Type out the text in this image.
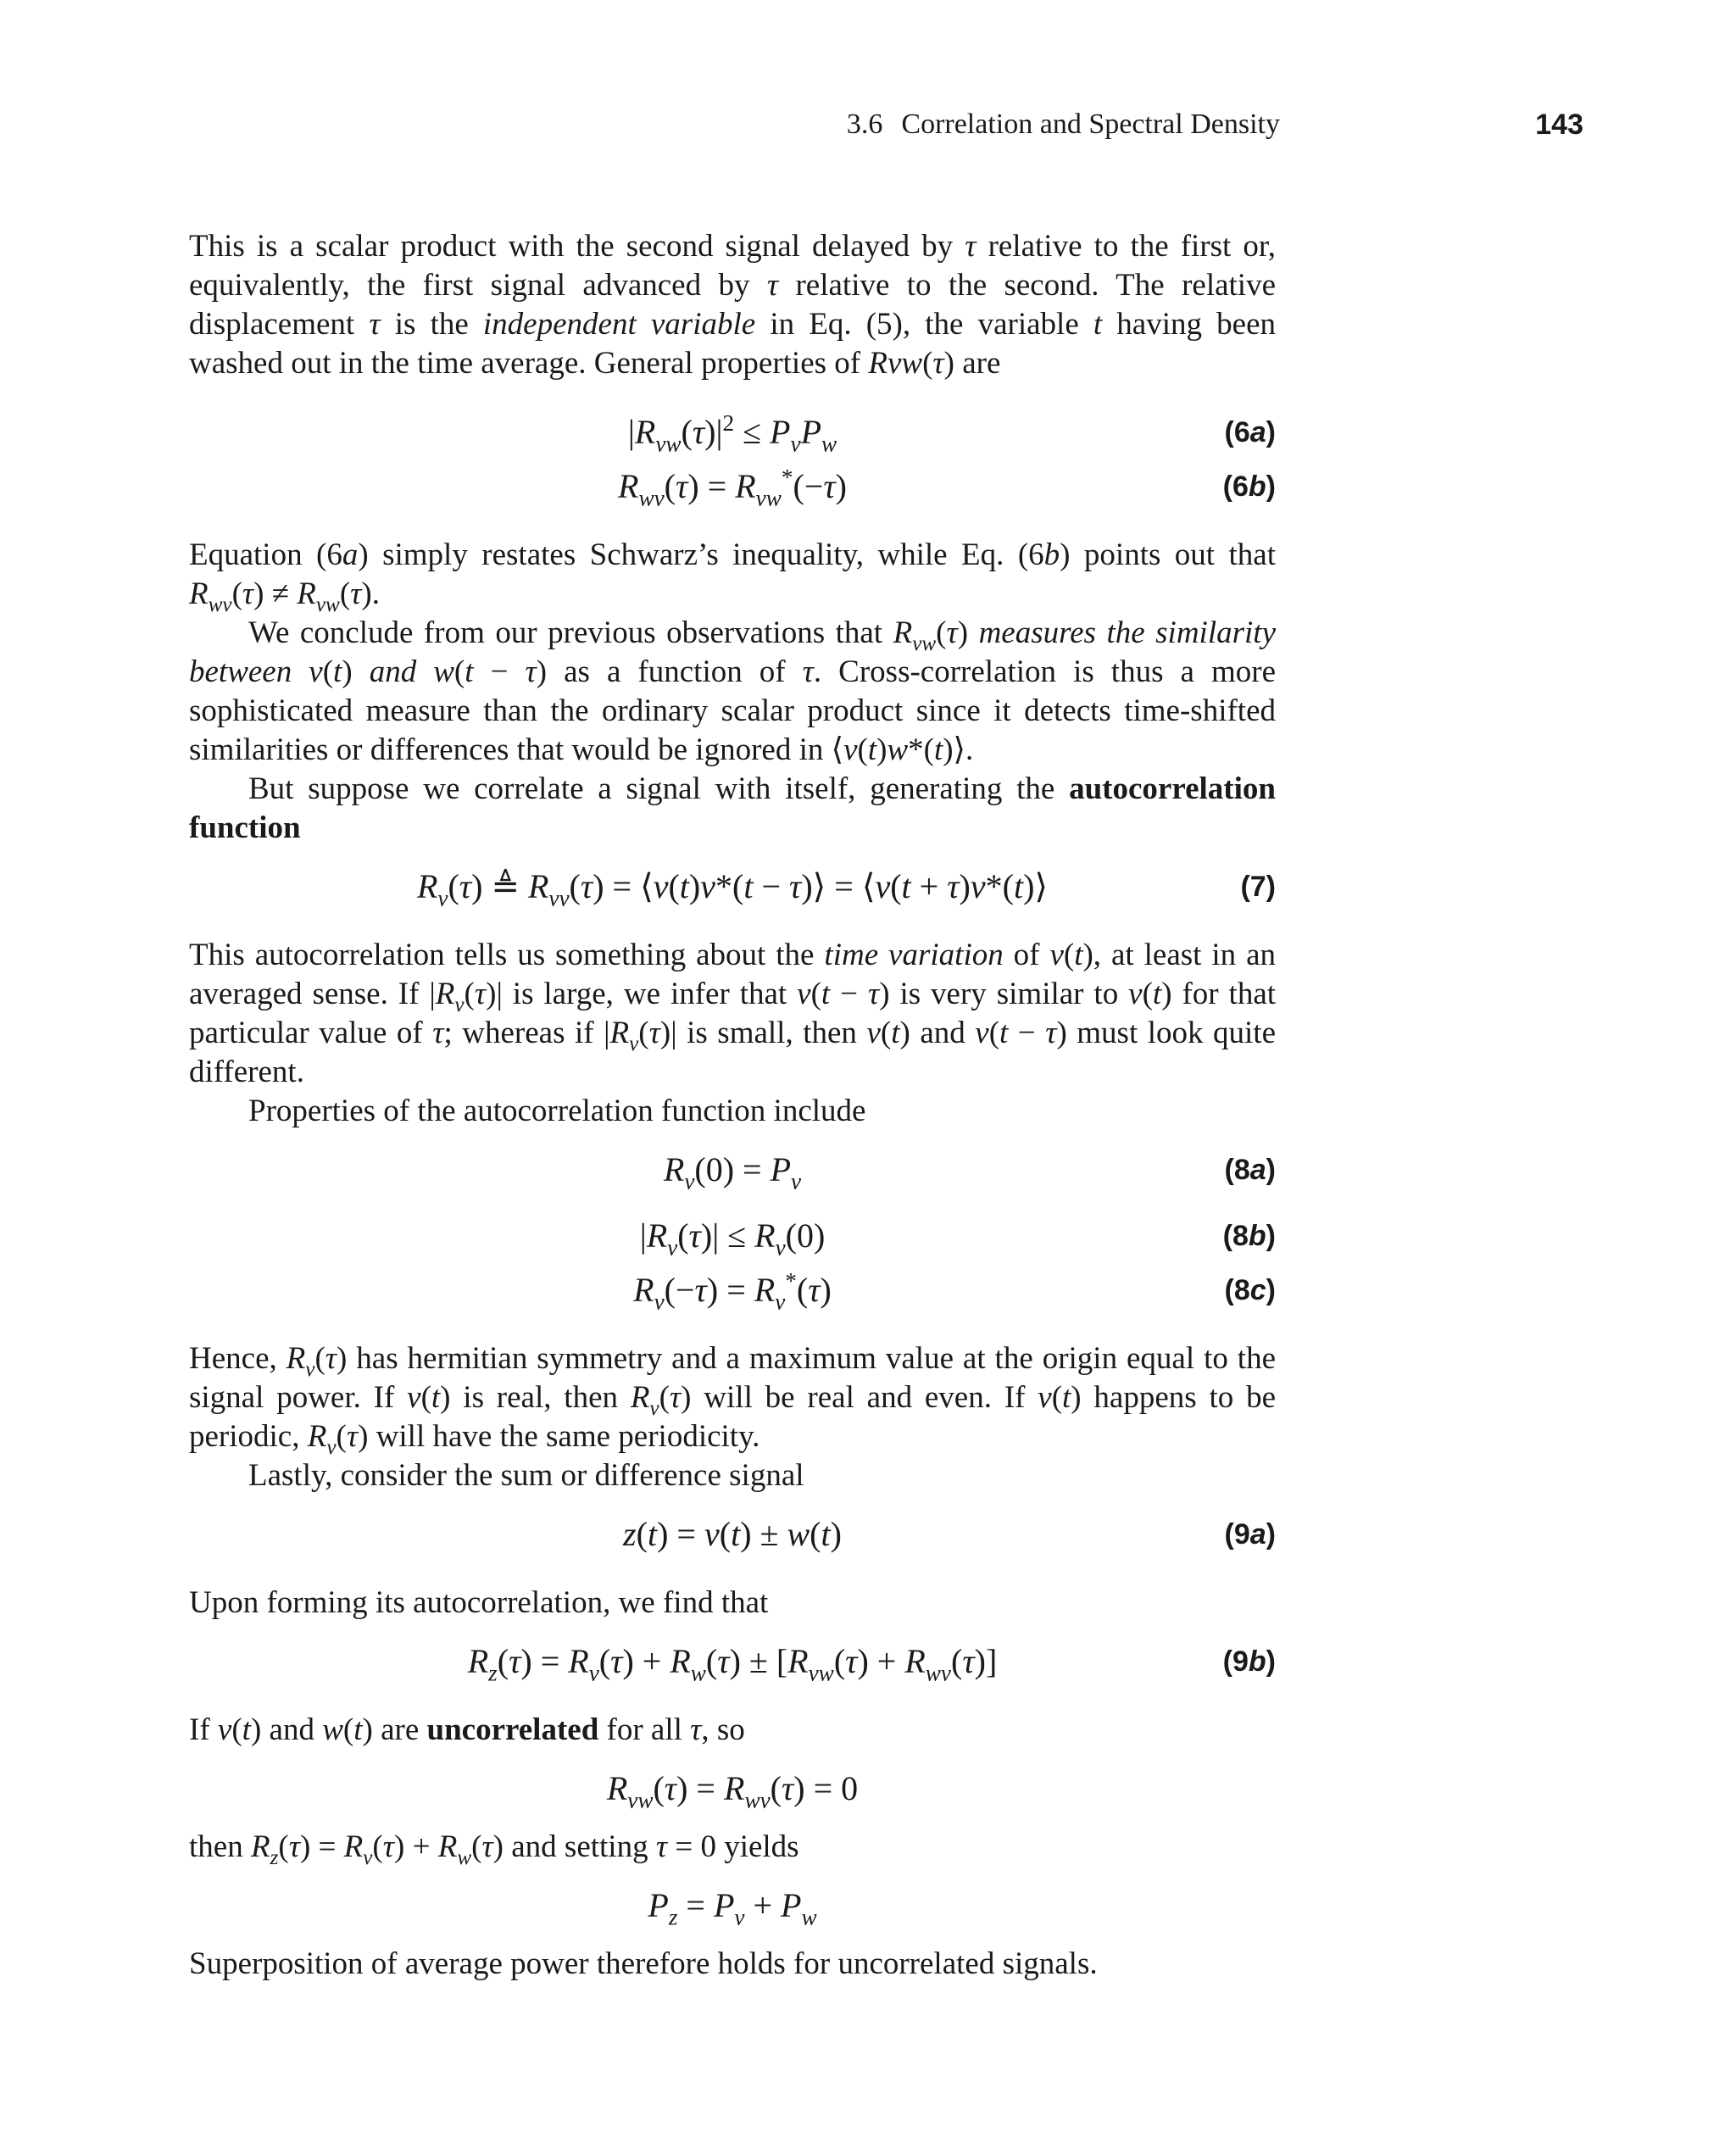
3.6 Correlation and Spectral Density	143

This is a scalar product with the second signal delayed by τ relative to the first or, equivalently, the first signal advanced by τ relative to the second. The relative displacement τ is the independent variable in Eq. (5), the variable t having been washed out in the time average. General properties of Rvw(τ) are

$|R_{vw}(\tau)|^2 \le P_vP_w$	(6a)
$R_{wv}(\tau) = R_{vw}^*(-\tau)$	(6b)

Equation (6a) simply restates Schwarz’s inequality, while Eq. (6b) points out that $R_{wv}(\tau) \ne R_{vw}(\tau)$.

We conclude from our previous observations that $R_{vw}(\tau)$ measures the similarity between v(t) and w(t − τ) as a function of τ. Cross-correlation is thus a more sophisticated measure than the ordinary scalar product since it detects time-shifted similarities or differences that would be ignored in ⟨v(t)w*(t)⟩.

But suppose we correlate a signal with itself, generating the autocorrelation function

$R_v(\tau)$ ≜ $R_{vv}(\tau)$ = ⟨v(t)v*(t − τ)⟩ = ⟨v(t + τ)v*(t)⟩	(7)

This autocorrelation tells us something about the time variation of v(t), at least in an averaged sense. If $|R_v(\tau)|$ is large, we infer that v(t − τ) is very similar to v(t) for that particular value of τ; whereas if $|R_v(\tau)|$ is small, then v(t) and v(t − τ) must look quite different.

Properties of the autocorrelation function include

$R_v(0) = P_v$	(8a)
$|R_v(\tau)| \le R_v(0)$	(8b)
$R_v(-\tau) = R_v^*(\tau)$	(8c)

Hence, $R_v(\tau)$ has hermitian symmetry and a maximum value at the origin equal to the signal power. If v(t) is real, then $R_v(\tau)$ will be real and even. If v(t) happens to be periodic, $R_v(\tau)$ will have the same periodicity.

Lastly, consider the sum or difference signal

z(t) = v(t) ± w(t)	(9a)

Upon forming its autocorrelation, we find that

$R_z(\tau) = R_v(\tau) + R_w(\tau) \pm [R_{vw}(\tau) + R_{wv}(\tau)]$	(9b)

If v(t) and w(t) are uncorrelated for all τ, so

$R_{vw}(\tau) = R_{wv}(\tau) = 0$

then $R_z(\tau) = R_v(\tau) + R_w(\tau)$ and setting τ = 0 yields

$P_z = P_v + P_w$

Superposition of average power therefore holds for uncorrelated signals.
